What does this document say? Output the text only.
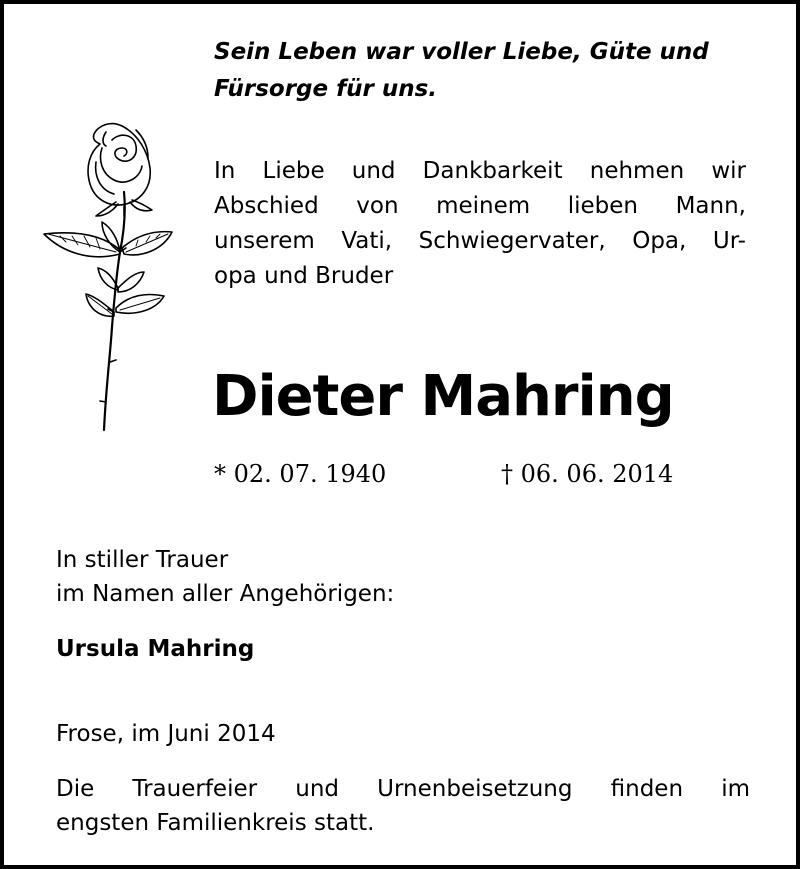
Sein Leben war voller Liebe, Güte und
Fürsorge für uns.

In Liebe und Dankbarkeit nehmen wir
Abschied von meinem lieben Mann,
unserem Vati, Schwiegervater, Opa, Ur-
opa und Bruder

Dieter Mahring
* 02. 07. 1940	† 06. 06. 2014

In stiller Trauer
im Namen aller Angehörigen:

Ursula Mahring
Frose, im Juni 2014

Die Trauerfeier und Urnenbeisetzung finden im
engsten Familienkreis statt.
